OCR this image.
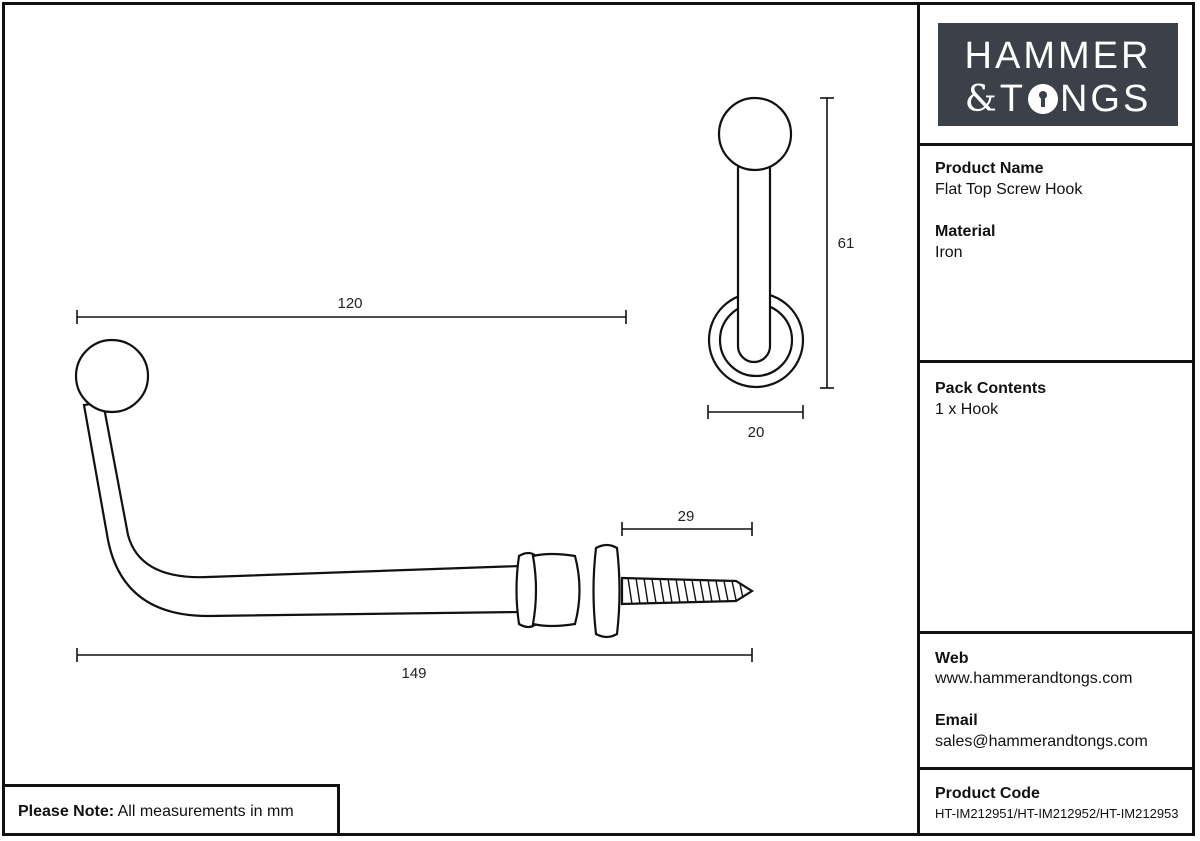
120
149
29
61
20
HAMMER
&T NGS
Product Name
Flat Top Screw Hook
Material
Iron
Pack Contents
1 x Hook
Web
www.hammerandtongs.com
Email
sales@hammerandtongs.com
Product Code
HT-IM212951/HT-IM212952/HT-IM212953
Please Note: All measurements in mm
